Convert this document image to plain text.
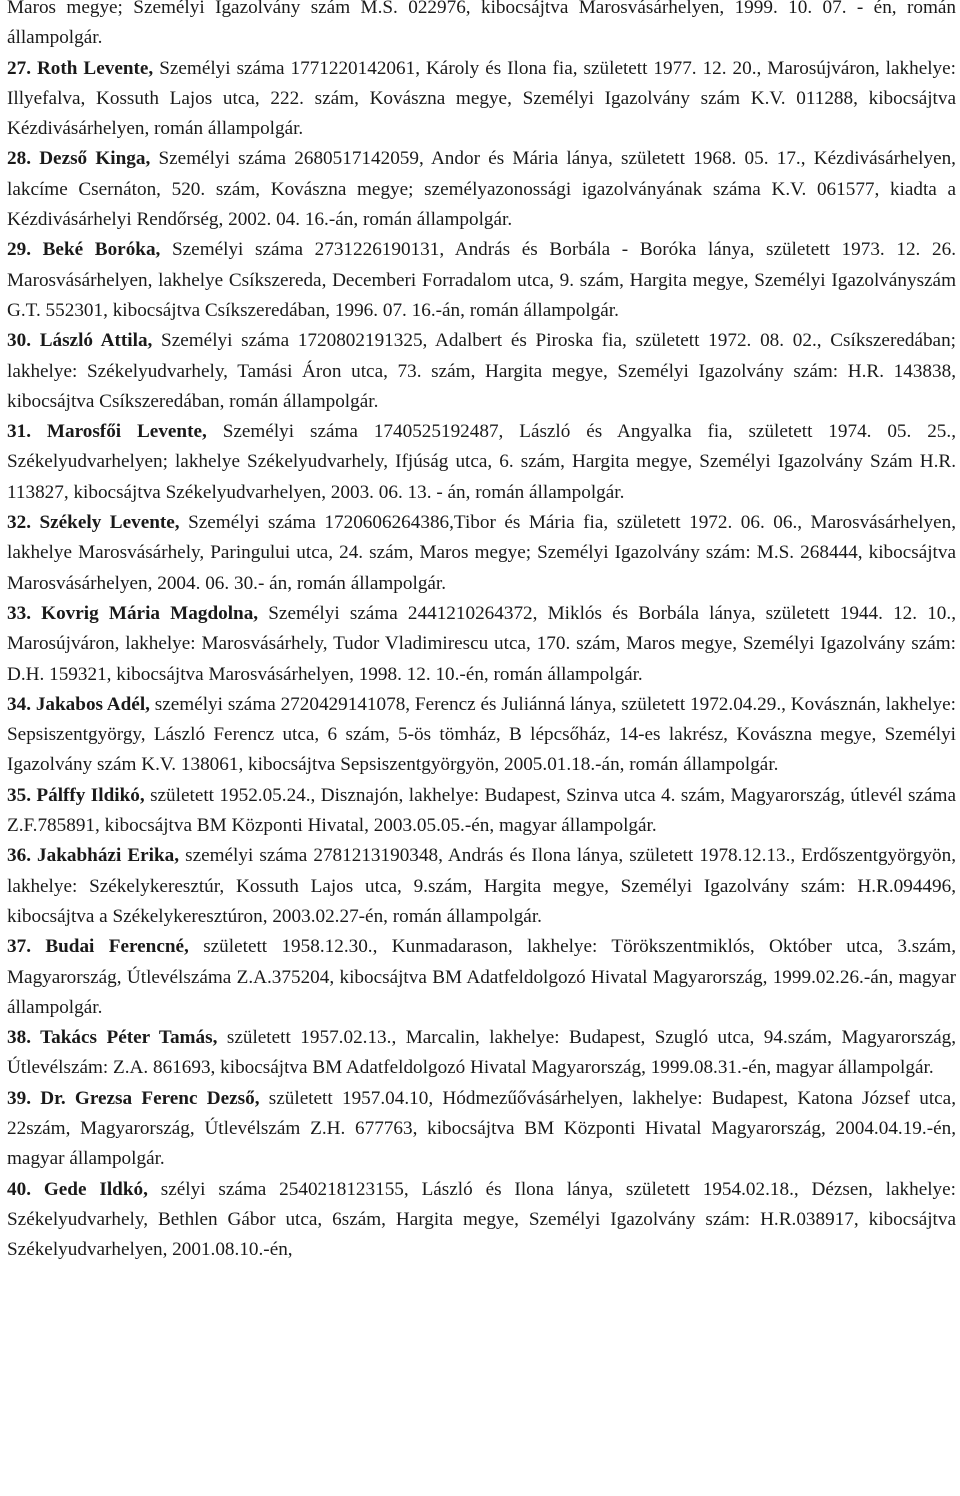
Maros megye; Személyi Igazolvány szám M.S. 022976, kibocsájtva Marosvásárhelyen, 1999. 10. 07. - én, román állampolgár.

27. Roth Levente, Személyi száma 1771220142061, Károly és Ilona fia, született 1977. 12. 20., Marosújváron, lakhelye: Illyefalva, Kossuth Lajos utca, 222. szám, Kovászna megye, Személyi Igazolvány szám K.V. 011288, kibocsájtva Kézdivásárhelyen, román állampolgár.

28. Dezső Kinga, Személyi száma 2680517142059, Andor és Mária lánya, született 1968. 05. 17., Kézdivásárhelyen, lakcíme Csernáton, 520. szám, Kovászna megye; személyazonossági igazolványának száma K.V. 061577, kiadta a Kézdivásárhelyi Rendőrség, 2002. 04. 16.-án, román állampolgár.

29. Beké Boróka, Személyi száma 2731226190131, András és Borbála - Boróka lánya, született 1973. 12. 26. Marosvásárhelyen, lakhelye Csíkszereda, Decemberi Forradalom utca, 9. szám, Hargita megye, Személyi Igazolványszám G.T. 552301, kibocsájtva Csíkszeredában, 1996. 07. 16.-án, román állampolgár.

30. László Attila, Személyi száma 1720802191325, Adalbert és Piroska fia, született 1972. 08. 02., Csíkszeredában; lakhelye: Székelyudvarhely, Tamási Áron utca, 73. szám, Hargita megye, Személyi Igazolvány szám: H.R. 143838, kibocsájtva Csíkszeredában, román állampolgár.

31. Marosfői Levente, Személyi száma 1740525192487, László és Angyalka fia, született 1974. 05. 25., Székelyudvarhelyen; lakhelye Székelyudvarhely, Ifjúság utca, 6. szám, Hargita megye, Személyi Igazolvány Szám H.R. 113827, kibocsájtva Székelyudvarhelyen, 2003. 06. 13. - án, román állampolgár.

32. Székely Levente, Személyi száma 1720606264386,Tibor és Mária fia, született 1972. 06. 06., Marosvásárhelyen, lakhelye Marosvásárhely, Paringului utca, 24. szám, Maros megye; Személyi Igazolvány szám: M.S. 268444, kibocsájtva Marosvásárhelyen, 2004. 06. 30.- án, román állampolgár.

33. Kovrig Mária Magdolna, Személyi száma 2441210264372, Miklós és Borbála lánya, született 1944. 12. 10., Marosújváron, lakhelye: Marosvásárhely, Tudor Vladimirescu utca, 170. szám, Maros megye, Személyi Igazolvány szám: D.H. 159321, kibocsájtva Marosvásárhelyen, 1998. 12. 10.-én, román állampolgár.

34. Jakabos Adél, személyi száma 2720429141078, Ferencz és Juliánná lánya, született 1972.04.29., Kovásznán, lakhelye: Sepsiszentgyörgy, László Ferencz utca, 6 szám, 5-ös tömház, B lépcsőház, 14-es lakrész, Kovászna megye, Személyi Igazolvány szám K.V. 138061, kibocsájtva Sepsiszentgyörgyön, 2005.01.18.-án, román állampolgár.

35. Pálffy Ildikó, született 1952.05.24., Disznajón, lakhelye: Budapest, Szinva utca 4. szám, Magyarország, útlevél száma Z.F.785891, kibocsájtva BM Központi Hivatal, 2003.05.05.-én, magyar állampolgár.

36. Jakabházi Erika, személyi száma 2781213190348, András és Ilona lánya, született 1978.12.13., Erdőszentgyörgyön, lakhelye: Székelykeresztúr, Kossuth Lajos utca, 9.szám, Hargita megye, Személyi Igazolvány szám: H.R.094496, kibocsájtva a Székelykeresztúron, 2003.02.27-én, román állampolgár.

37. Budai Ferencné, született 1958.12.30., Kunmadarason, lakhelye: Törökszentmiklós, Október utca, 3.szám, Magyarország, Útlevélszáma Z.A.375204, kibocsájtva BM Adatfeldolgozó Hivatal Magyarország, 1999.02.26.-án, magyar állampolgár.

38. Takács Péter Tamás, született 1957.02.13., Marcalin, lakhelye: Budapest, Szugló utca, 94.szám, Magyarország, Útlevélszám: Z.A. 861693, kibocsájtva BM Adatfeldolgozó Hivatal Magyarország, 1999.08.31.-én, magyar állampolgár.

39. Dr. Grezsa Ferenc Dezső, született 1957.04.10, Hódmezűővásárhelyen, lakhelye: Budapest, Katona József utca, 22szám, Magyarország, Útlevélszám Z.H. 677763, kibocsájtva BM Központi Hivatal Magyarország, 2004.04.19.-én, magyar állampolgár.

40. Gede Ildkó, szélyi száma 2540218123155, László és Ilona lánya, született 1954.02.18., Dézsen, lakhelye: Székelyudvarhely, Bethlen Gábor utca, 6szám, Hargita megye, Személyi Igazolvány szám: H.R.038917, kibocsájtva Székelyudvarhelyen, 2001.08.10.-én,
